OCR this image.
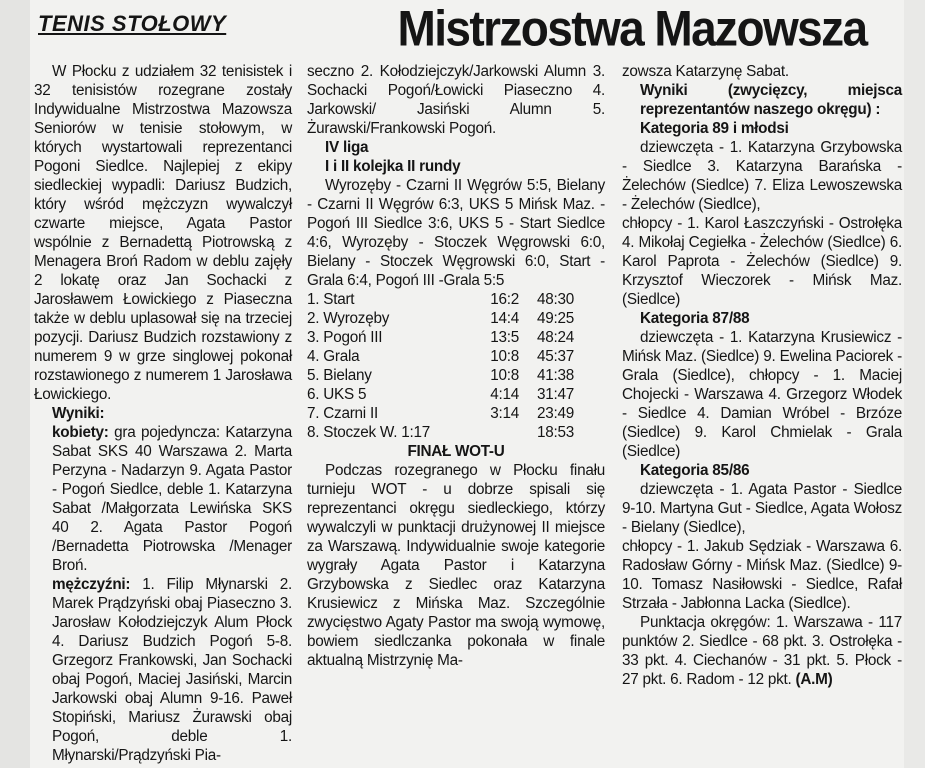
TENIS STOŁOWY	Mistrzostwa Mazowsza

W Płocku z udziałem 32 tenisistek i 32 tenisistów rozegrane zostały Indywidualne Mistrzostwa Mazowsza Seniorów w tenisie stołowym, w których wystartowali reprezentanci Pogoni Siedlce. Najlepiej z ekipy siedleckiej wypadli: Dariusz Budzich, który wśród mężczyzn wywalczył czwarte miejsce, Agata Pastor wspólnie z Bernadettą Piotrowską z Menagera Broń Radom w deblu zajęły 2 lokatę oraz Jan Sochacki z Jarosławem Łowickiego z Piaseczna także w deblu uplasował się na trzeciej pozycji. Dariusz Budzich rozstawiony z numerem 9 w grze singlowej pokonał rozstawionego z numerem 1 Jarosława Łowickiego.

Wyniki:

kobiety: gra pojedyncza: Katarzyna Sabat SKS 40 Warszawa 2. Marta Perzyna - Nadarzyn 9. Agata Pastor - Pogoń Siedlce, deble 1. Katarzyna Sabat /Małgorzata Lewińska SKS 40 2. Agata Pastor Pogoń /Bernadetta Piotrowska /Menager Broń.

mężczyźni: 1. Filip Młynarski 2. Marek Prądzyński obaj Piaseczno 3. Jarosław Kołodziejczyk Alum Płock 4. Dariusz Budzich Pogoń 5-8. Grzegorz Frankowski, Jan Sochacki obaj Pogoń, Maciej Jasiński, Marcin Jarkowski obaj Alumn 9-16. Paweł Stopiński, Mariusz Żurawski obaj Pogoń, deble 1. Młynarski/Prądzyński Pia-

seczno 2. Kołodziejczyk/Jarkowski Alumn 3. Sochacki Pogoń/Łowicki Piaseczno 4. Jarkowski/ Jasiński Alumn 5. Żurawski/Frankowski Pogoń.

IV liga

I i II kolejka II rundy

Wyrozęby - Czarni II Węgrów 5:5, Bielany - Czarni II Węgrów 6:3, UKS 5 Mińsk Maz. - Pogoń III Siedlce 3:6, UKS 5 - Start Siedlce 4:6, Wyrozęby - Stoczek Węgrowski 6:0, Bielany - Stoczek Węgrowski 6:0, Start - Grala 6:4, Pogoń III -Grala 5:5

1. Start	16:2	48:30
2. Wyrozęby	14:4	49:25
3. Pogoń III	13:5	48:24
4. Grala	10:8	45:37
5. Bielany	10:8	41:38
6. UKS 5	4:14	31:47
7. Czarni II	3:14	23:49
8. Stoczek W. 1:17		18:53

FINAŁ WOT-U

Podczas rozegranego w Płocku finału turnieju WOT - u dobrze spisali się reprezentanci okręgu siedleckiego, którzy wywalczyli w punktacji drużynowej II miejsce za Warszawą. Indywidualnie swoje kategorie wygrały Agata Pastor i Katarzyna Grzybowska z Siedlec oraz Katarzyna Krusiewicz z Mińska Maz. Szczególnie zwycięstwo Agaty Pastor ma swoją wymowę, bowiem siedlczanka pokonała w finale aktualną Mistrzynię Ma-

zowsza Katarzynę Sabat.

Wyniki (zwycięzcy, miejsca reprezentantów naszego okręgu) :

Kategoria 89 i młodsi

dziewczęta - 1. Katarzyna Grzybowska - Siedlce 3. Katarzyna Barańska - Żelechów (Siedlce) 7. Eliza Lewoszewska - Żelechów (Siedlce),

chłopcy - 1. Karol Łaszczyński - Ostrołęka 4. Mikołaj Cegiełka - Żelechów (Siedlce) 6. Karol Paprota - Żelechów (Siedlce) 9. Krzysztof Wieczorek - Mińsk Maz. (Siedlce)

Kategoria 87/88

dziewczęta - 1. Katarzyna Krusiewicz - Mińsk Maz. (Siedlce) 9. Ewelina Paciorek - Grala (Siedlce), chłopcy - 1. Maciej Chojecki - Warszawa 4. Grzegorz Włodek - Siedlce 4. Damian Wróbel - Brzóze (Siedlce) 9. Karol Chmielak - Grala (Siedlce)

Kategoria 85/86

dziewczęta - 1. Agata Pastor - Siedlce 9-10. Martyna Gut - Siedlce, Agata Wołosz - Bielany (Siedlce),

chłopcy - 1. Jakub Sędziak - Warszawa 6. Radosław Górny - Mińsk Maz. (Siedlce) 9-10. Tomasz Nasiłowski - Siedlce, Rafał Strzała - Jabłonna Lacka (Siedlce).

Punktacja okręgów: 1. Warszawa - 117 punktów 2. Siedlce - 68 pkt. 3. Ostrołęka - 33 pkt. 4. Ciechanów - 31 pkt. 5. Płock - 27 pkt. 6. Radom - 12 pkt. (A.M)
